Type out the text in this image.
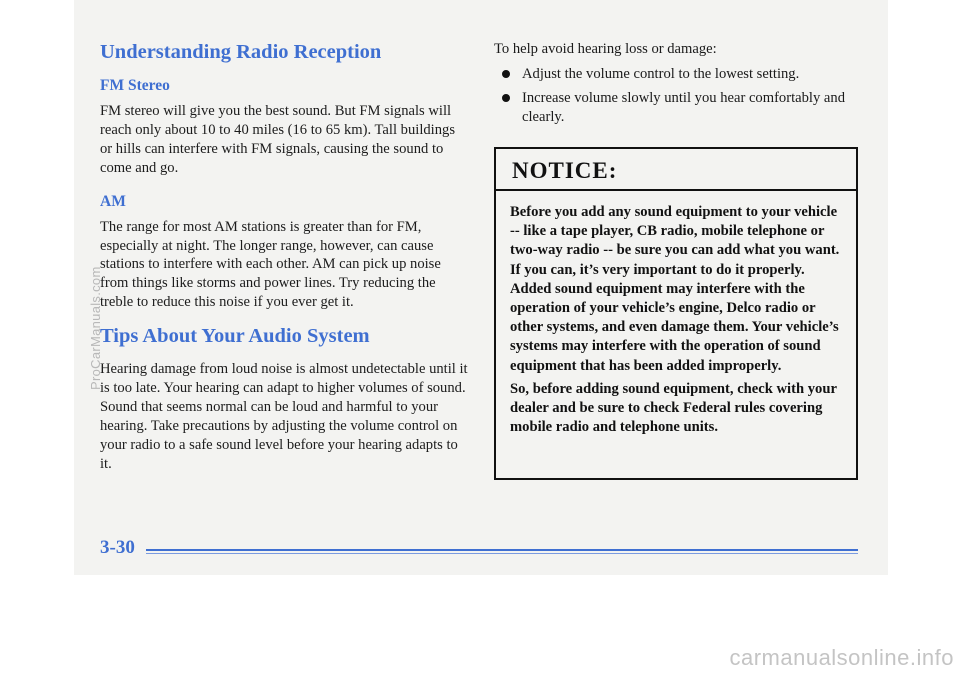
Understanding Radio Reception
FM Stereo

FM stereo will give you the best sound. But FM signals will reach only about 10 to 40 miles (16 to 65 km). Tall buildings or hills can interfere with FM signals, causing the sound to come and go.

AM

The range for most AM stations is greater than for FM, especially at night. The longer range, however, can cause stations to interfere with each other. AM can pick up noise from things like storms and power lines. Try reducing the treble to reduce this noise if you ever get it.

Tips About Your Audio System

Hearing damage from loud noise is almost undetectable until it is too late. Your hearing can adapt to higher volumes of sound. Sound that seems normal can be loud and harmful to your hearing. Take precautions by adjusting the volume control on your radio to a safe sound level before your hearing adapts to it.

To help avoid hearing loss or damage:

Adjust the volume control to the lowest setting.
Increase volume slowly until you hear comfortably and clearly.
NOTICE:

Before you add any sound equipment to your vehicle -- like a tape player, CB radio, mobile telephone or two-way radio -- be sure you can add what you want. If you can, it’s very important to do it properly. Added sound equipment may interfere with the operation of your vehicle’s engine, Delco radio or other systems, and even damage them. Your vehicle’s systems may interfere with the operation of sound equipment that has been added improperly.

So, before adding sound equipment, check with your dealer and be sure to check Federal rules covering mobile radio and telephone units.

3-30
ProCarManuals.com
carmanualsonline.info
